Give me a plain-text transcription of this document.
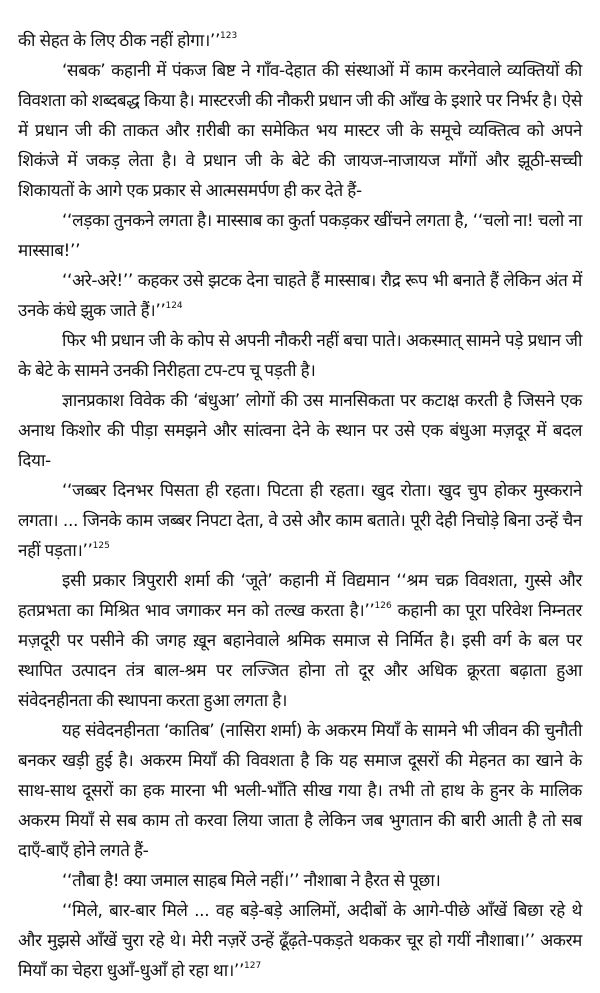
की सेहत के लिए ठीक नहीं होगा।’’$^{123}$

‘सबक’ कहानी में पंकज बिष्ट ने गाँव-देहात की संस्थाओं में काम करनेवाले व्यक्तियों की विवशता को शब्दबद्ध किया है। मास्टरजी की नौकरी प्रधान जी की आँख के इशारे पर निर्भर है। ऐसे में प्रधान जी की ताकत और ग़रीबी का समेकित भय मास्टर जी के समूचे व्यक्तित्व को अपने शिकंजे में जकड़ लेता है। वे प्रधान जी के बेटे की जायज-नाजायज माँगों और झूठी-सच्ची शिकायतों के आगे एक प्रकार से आत्मसमर्पण ही कर देते हैं-

‘‘लड़का तुनकने लगता है। मास्साब का कुर्ता पकड़कर खींचने लगता है, ‘‘चलो ना! चलो ना मास्साब!’’

‘‘अरे-अरे!’’ कहकर उसे झटक देना चाहते हैं मास्साब। रौद्र रूप भी बनाते हैं लेकिन अंत में उनके कंधे झुक जाते हैं।’’$^{124}$

फिर भी प्रधान जी के कोप से अपनी नौकरी नहीं बचा पाते। अकस्मात् सामने पड़े प्रधान जी के बेटे के सामने उनकी निरीहता टप-टप चू पड़ती है।

ज्ञानप्रकाश विवेक की ‘बंधुआ’ लोगों की उस मानसिकता पर कटाक्ष करती है जिसने एक अनाथ किशोर की पीड़ा समझने और सांत्वना देने के स्थान पर उसे एक बंधुआ मज़दूर में बदल दिया-

‘‘जब्बर दिनभर पिसता ही रहता। पिटता ही रहता। खुद रोता। खुद चुप होकर मुस्कराने लगता। ... जिनके काम जब्बर निपटा देता, वे उसे और काम बताते। पूरी देही निचोड़े बिना उन्हें चैन नहीं पड़ता।’’$^{125}$

इसी प्रकार त्रिपुरारी शर्मा की ‘जूते’ कहानी में विद्यमान ‘‘श्रम चक्र विवशता, गुस्से और हतप्रभता का मिश्रित भाव जगाकर मन को तल्ख करता है।’’$^{126}$ कहानी का पूरा परिवेश निम्नतर मज़दूरी पर पसीने की जगह ख़ून बहानेवाले श्रमिक समाज से निर्मित है। इसी वर्ग के बल पर स्थापित उत्पादन तंत्र बाल-श्रम पर लज्जित होना तो दूर और अधिक क्रूरता बढ़ाता हुआ संवेदनहीनता की स्थापना करता हुआ लगता है।

यह संवेदनहीनता ‘कातिब’ (नासिरा शर्मा) के अकरम मियाँ के सामने भी जीवन की चुनौती बनकर खड़ी हुई है। अकरम मियाँ की विवशता है कि यह समाज दूसरों की मेहनत का खाने के साथ-साथ दूसरों का हक मारना भी भली-भाँति सीख गया है। तभी तो हाथ के हुनर के मालिक अकरम मियाँ से सब काम तो करवा लिया जाता है लेकिन जब भुगतान की बारी आती है तो सब दाएँ-बाएँ होने लगते हैं-

‘‘तौबा है! क्या जमाल साहब मिले नहीं।’’ नौशाबा ने हैरत से पूछा।

‘‘मिले, बार-बार मिले ... वह बड़े-बड़े आलिमों, अदीबों के आगे-पीछे आँखें बिछा रहे थे और मुझसे आँखें चुरा रहे थे। मेरी नज़रें उन्हें ढूँढ़ते-पकड़ते थककर चूर हो गयीं नौशाबा।’’ अकरम मियाँ का चेहरा धुआँ-धुआँ हो रहा था।’’$^{127}$
